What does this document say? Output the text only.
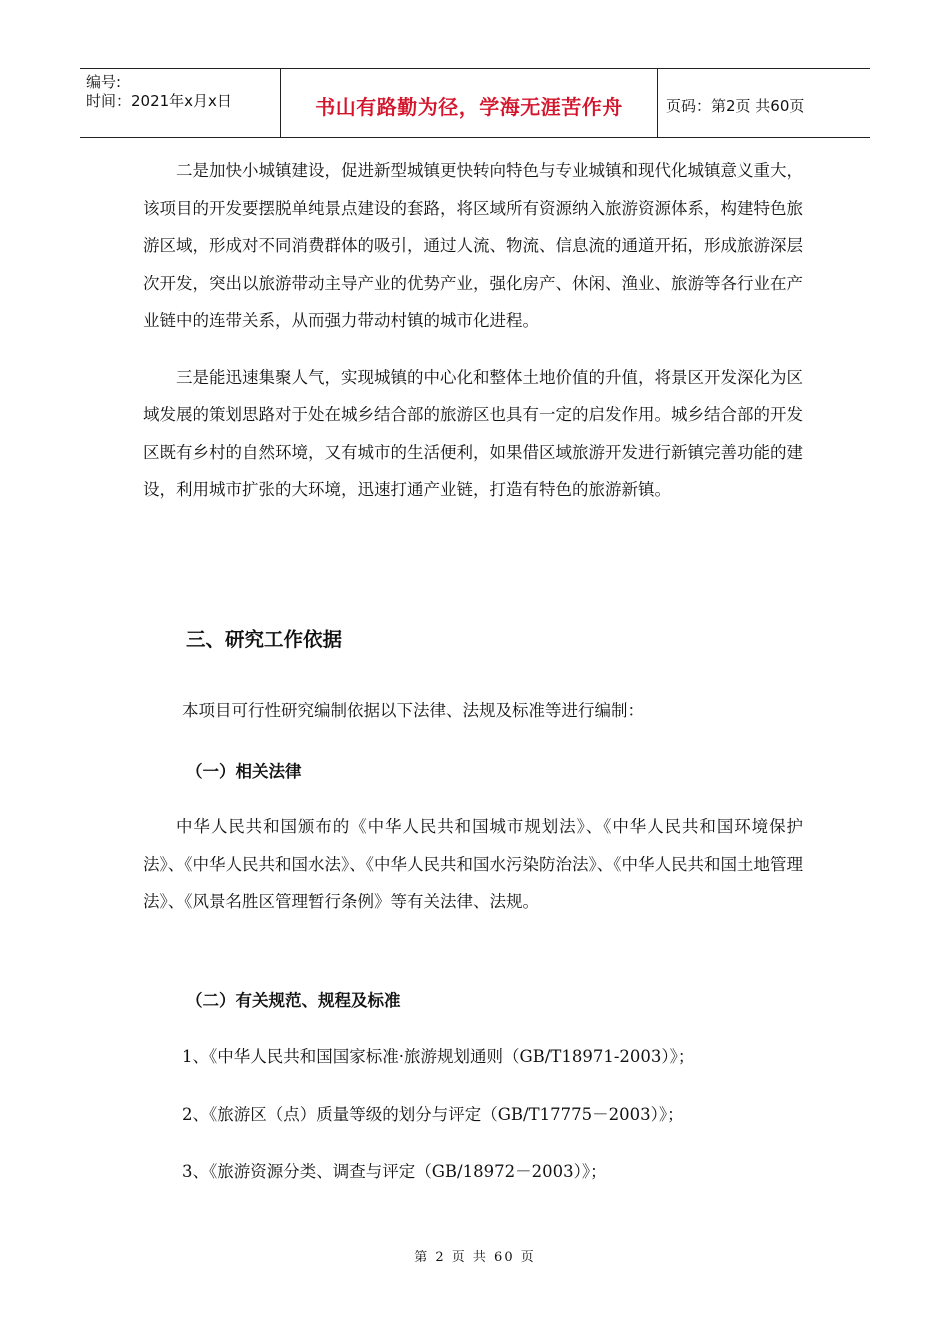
编号:
时间：2021年x月x日	书山有路勤为径，学海无涯苦作舟	页码：第2页 共60页

二是加快小城镇建设，促进新型城镇更快转向特色与专业城镇和现代化城镇意义重大，该项目的开发要摆脱单纯景点建设的套路，将区域所有资源纳入旅游资源体系，构建特色旅游区域，形成对不同消费群体的吸引，通过人流、物流、信息流的通道开拓，形成旅游深层次开发，突出以旅游带动主导产业的优势产业，强化房产、休闲、渔业、旅游等各行业在产业链中的连带关系，从而强力带动村镇的城市化进程。

三是能迅速集聚人气，实现城镇的中心化和整体土地价值的升值，将景区开发深化为区域发展的策划思路对于处在城乡结合部的旅游区也具有一定的启发作用。城乡结合部的开发区既有乡村的自然环境，又有城市的生活便利，如果借区域旅游开发进行新镇完善功能的建设，利用城市扩张的大环境，迅速打通产业链，打造有特色的旅游新镇。

三、研究工作依据
本项目可行性研究编制依据以下法律、法规及标准等进行编制：
（一）相关法律

中华人民共和国颁布的《中华人民共和国城市规划法》、《中华人民共和国环境保护法》、《中华人民共和国水法》、《中华人民共和国水污染防治法》、《中华人民共和国土地管理法》、《风景名胜区管理暂行条例》等有关法律、法规。

（二）有关规范、规程及标准
1、《中华人民共和国国家标准·旅游规划通则（GB/T18971-2003）》；
2、《旅游区（点）质量等级的划分与评定（GB/T17775－2003）》；
3、《旅游资源分类、调查与评定（GB/18972－2003）》；
第 2 页 共 60 页
